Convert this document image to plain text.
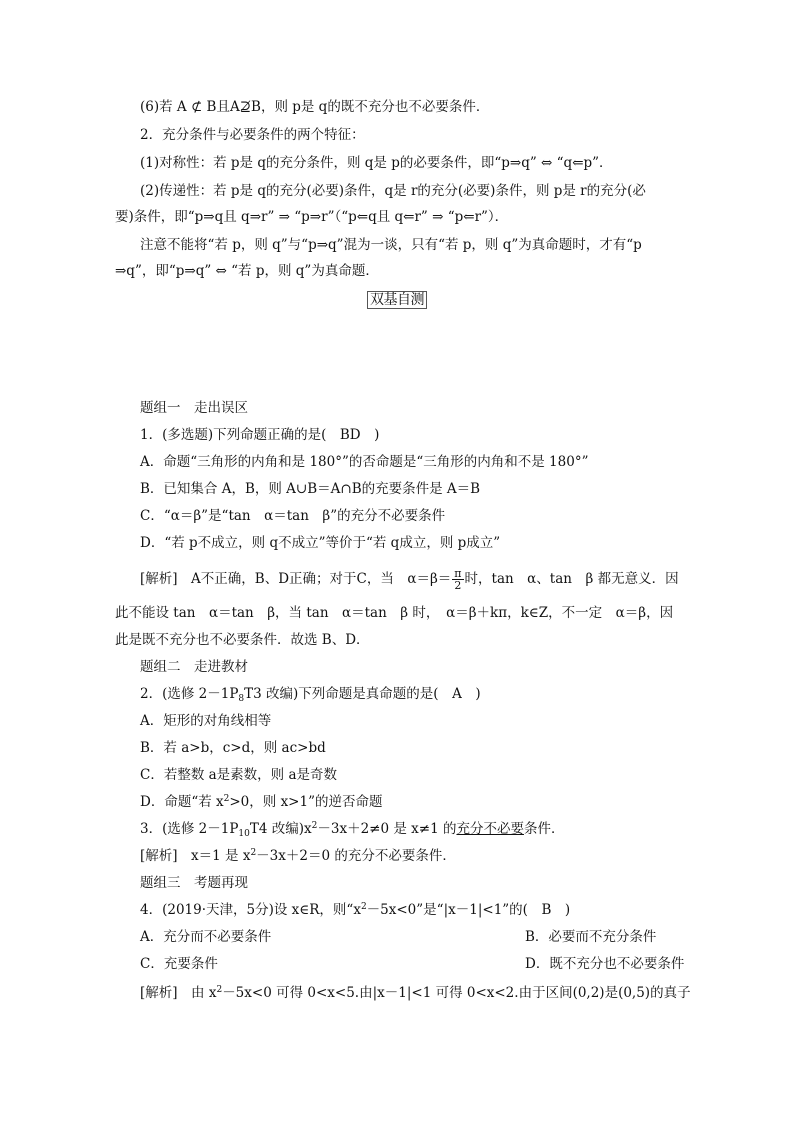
(6)若 A ⊄ B且A⊉B，则 p是 q的既不充分也不必要条件．
2．充分条件与必要条件的两个特征：
(1)对称性：若 p是 q的充分条件，则 q是 p的必要条件，即“p⇒q” ⇔ “q⇐p”．
(2)传递性：若 p是 q的充分(必要)条件，q是 r的充分(必要)条件，则 p是 r的充分(必
要)条件，即“p⇒q且 q⇒r” ⇒ “p⇒r”（“p⇐q且 q⇐r” ⇒ “p⇐r”）．
注意不能将“若 p，则 q”与“p⇒q”混为一谈，只有“若 p，则 q”为真命题时，才有“p
⇒q”，即“p⇒q” ⇔ “若 p，则 q”为真命题．
双基自测
题组一　走出误区
1．(多选题)下列命题正确的是(　BD　)
A．命题“三角形的内角和是 180°”的否命题是“三角形的内角和不是 180°”
B．已知集合 A，B，则 A∪B＝A∩B的充要条件是 A＝B
C．“α＝β”是“tan　α＝tan　β”的充分不必要条件
D．“若 p不成立，则 q不成立”等价于“若 q成立，则 p成立”
[解析]　A不正确，B、D正确；对于C，当　$\alpha=\beta= \frac{\pi}{2}$ 时，tan　α、tan　β 都无意义．因
此不能设 tan　α＝tan　β，当 tan　α＝tan　β 时，　α＝β＋kπ，k∈Z，不一定　α＝β，因
此是既不充分也不必要条件．故选 B、D．
题组二　走进教材
2．(选修 $2-1P_8T3$ 改编)下列命题是真命题的是(　A　)
A．矩形的对角线相等
B．若 a>b，c>d，则 ac>bd
C．若整数 a是素数，则 a是奇数
D．命题“若 $x^2>0$，则 x>1”的逆否命题
3．(选修 $2-1P_{10}T4$ 改编)$x^2-3x+2\ne 0$ 是 x≠1 的充分不必要条件．
[解析]　x＝1 是 $x^2-3x+2=0$ 的充分不必要条件．
题组三　考题再现
4．(2019·天津，5分)设 x∈R，则“$x^2-5x<0$”是“|x－1|<1”的(　B　)
A．充分而不必要条件	B．必要而不充分条件
C．充要条件	D．既不充分也不必要条件
[解析]　由 $x^2-5x<0$ 可得 0<x<5.由|x－1|<1 可得 0<x<2.由于区间(0,2)是(0,5)的真子
